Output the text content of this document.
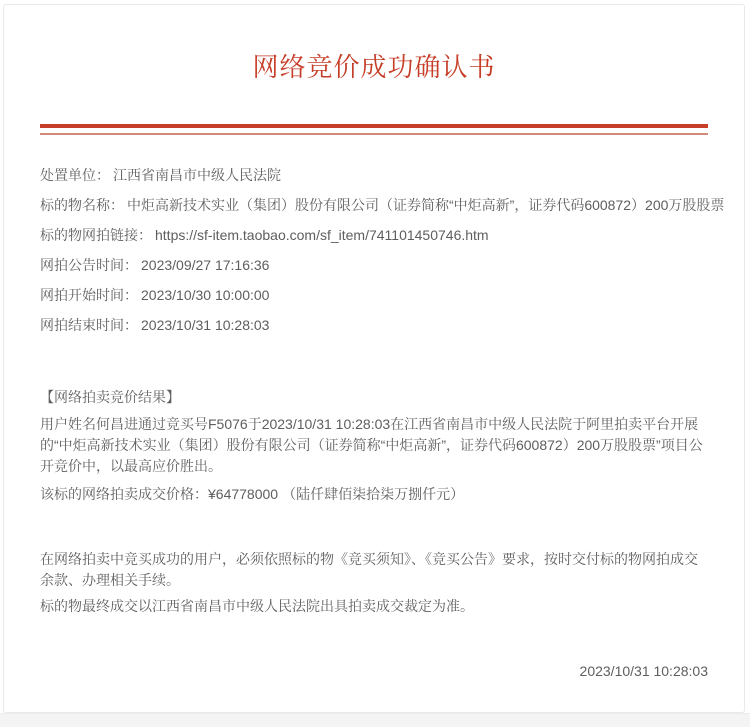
网络竞价成功确认书

处置单位： 江西省南昌市中级人民法院

标的物名称： 中炬高新技术实业（集团）股份有限公司（证券简称“中炬高新”，证券代码600872）200万股股票

标的物网拍链接： https://sf-item.taobao.com/sf_item/741101450746.htm

网拍公告时间： 2023/09/27 17:16:36

网拍开始时间： 2023/10/30 10:00:00

网拍结束时间： 2023/10/31 10:28:03

【网络拍卖竞价结果】

用户姓名何昌进通过竞买号F5076于2023/10/31 10:28:03在江西省南昌市中级人民法院于阿里拍卖平台开展的“中炬高新技术实业（集团）股份有限公司（证券简称“中炬高新”，证券代码600872）200万股股票”项目公开竞价中，以最高应价胜出。

该标的网络拍卖成交价格：¥64778000 （陆仟肆佰柒拾柒万捌仟元）

在网络拍卖中竞买成功的用户，必须依照标的物《竞买须知》、《竞买公告》要求，按时交付标的物网拍成交余款、办理相关手续。

标的物最终成交以江西省南昌市中级人民法院出具拍卖成交裁定为准。

2023/10/31 10:28:03
